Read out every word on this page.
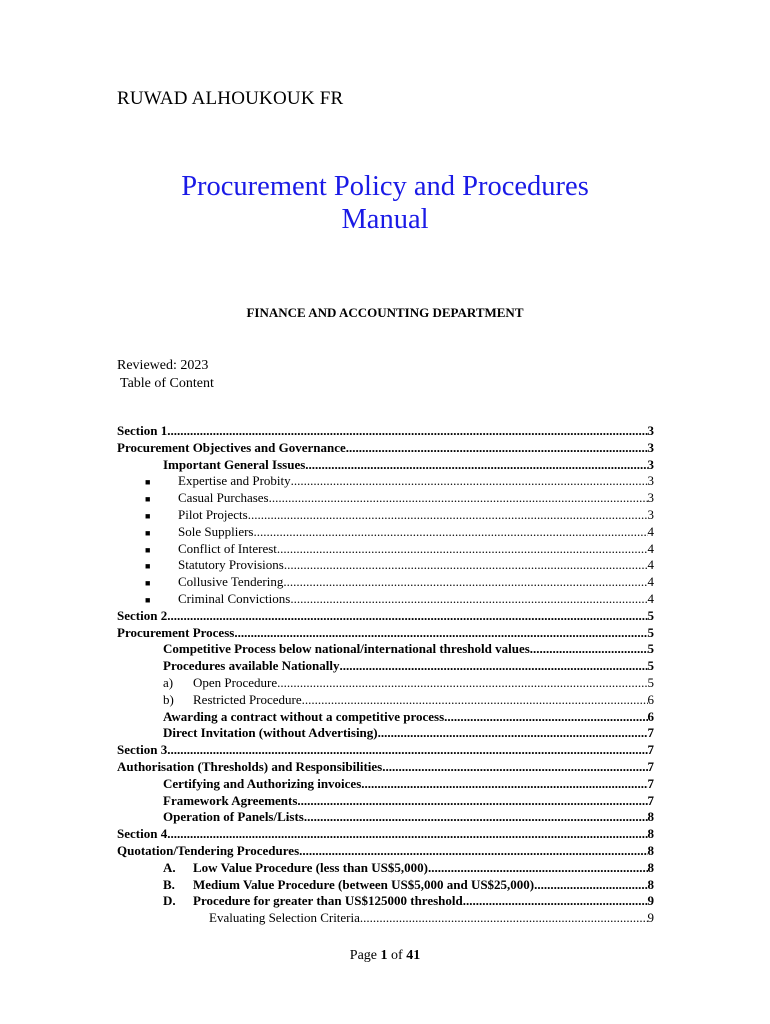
RUWAD ALHOUKOUK FR
Procurement Policy and Procedures
Manual
FINANCE AND ACCOUNTING DEPARTMENT
Reviewed: 2023
Table of Content
Section 1 .....	3
Procurement Objectives and Governance .....	3
Important General Issues. .....	3
■	Expertise and Probity .....	3
■	Casual Purchases .....	3
■	Pilot Projects .....	3
■	Sole Suppliers .....	4
■	Conflict of Interest .....	4
■	Statutory Provisions .....	4
■	Collusive Tendering .....	4
■	Criminal Convictions .....	4
Section 2 .....	5
Procurement Process .....	5
Competitive Process below national/international threshold values .....	5
Procedures available Nationally .....	5
a)	Open Procedure .....	5
b)	Restricted Procedure. .....	6
Awarding a contract without a competitive process .....	6
Direct Invitation (without Advertising) .....	7
Section 3 .....	7
Authorisation (Thresholds) and Responsibilities .....	7
Certifying and Authorizing invoices. .....	7
Framework Agreements .....	7
Operation of Panels/Lists .....	8
Section 4 .....	8
Quotation/Tendering Procedures .....	8
A.	Low Value Procedure (less than US$5,000) .....	8
B.	Medium Value Procedure (between US$5,000 and US$25,000) .....	8
D.	Procedure for greater than US$125000 threshold .....	9
Evaluating Selection Criteria .....	9
Page 1 of 41
